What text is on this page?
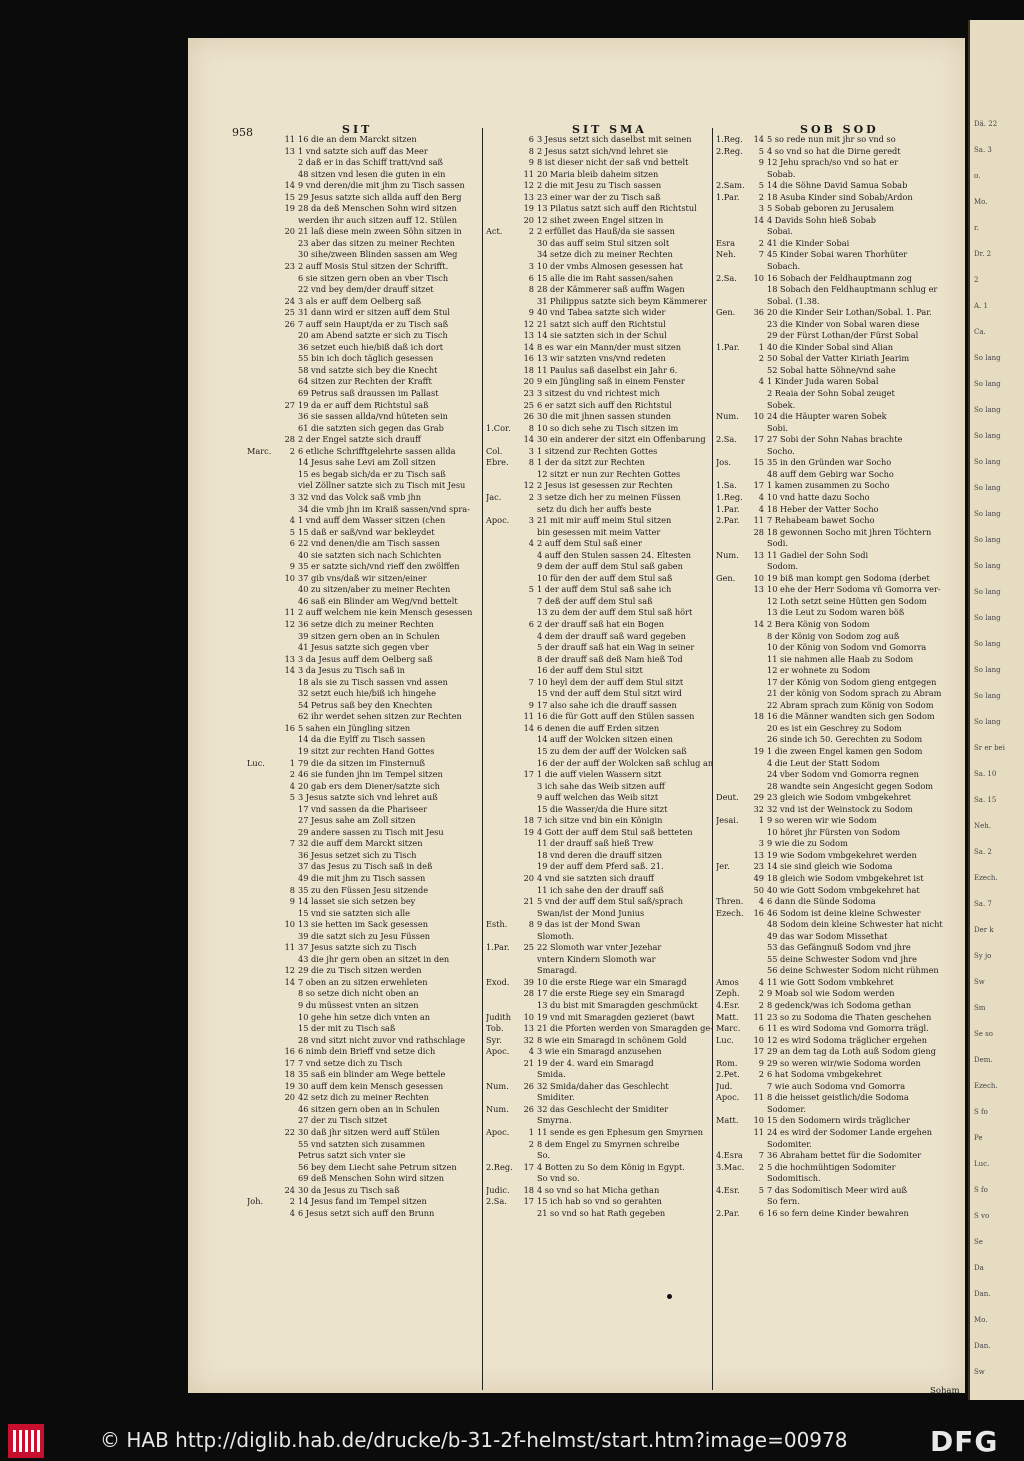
Dä. 22
Sa. 3
o.
Mo.
r.
Dr. 2
2
A. 1
Ca.
So lang
So lang
So lang
So lang
So lang
So lang
So lang
So lang
So lang
So lang
So lang
So lang
So lang
So lang
So lang
Sr er bei
Sa. 10
Sa. 15
Neh.
Sa. 2
Ezech.
Sa. 7
Der k
Sy jo
Sw
Sm
Se so
Dem.
Ezech.
S fo
Pe
Luc.
S fo
S vo
Se
Da
Dan.
Mo.
Dan.
Sw
958	SIT	SIT SMA	SOB SOD
11 16 die an dem Marckt sitzen
13 1 vnd satzte sich auff das Meer
2 daß er in das Schiff tratt/vnd saß
48 sitzen vnd lesen die guten in ein
14 9 vnd deren/die mit jhm zu Tisch sassen
15 29 Jesus satzte sich allda auff den Berg
19 28 da deß Menschen Sohn wird sitzen
werden ihr auch sitzen auff 12. Stülen
20 21 laß diese mein zween Söhn sitzen in
23 aber das sitzen zu meiner Rechten
30 sihe/zween Blinden sassen am Weg
23 2 auff Mosis Stul sitzen der Schrifft.
6 sie sitzen gern oben an vber Tisch
22 vnd bey dem/der drauff sitzet
24 3 als er auff dem Oelberg saß
25 31 dann wird er sitzen auff dem Stul
26 7 auff sein Haupt/da er zu Tisch saß
20 am Abend satzte er sich zu Tisch
36 setzet euch hie/biß daß ich dort
55 bin ich doch täglich gesessen
58 vnd satzte sich bey die Knecht
64 sitzen zur Rechten der Krafft
69 Petrus saß draussen im Pallast
27 19 da er auff dem Richtstul saß
36 sie sassen allda/vnd hüteten sein
61 die satzten sich gegen das Grab
28 2 der Engel satzte sich drauff
Marc.	2 6 etliche Schrifftgelehrte sassen allda
14 Jesus sahe Levi am Zoll sitzen
15 es begab sich/da er zu Tisch saß
viel Zöllner satzte sich zu Tisch mit Jesu
3 32 vnd das Volck saß vmb jhn
34 die vmb jhn im Kraiß sassen/vnd spra-
4 1 vnd auff dem Wasser sitzen (chen
5 15 daß er saß/vnd war bekleydet
6 22 vnd denen/die am Tisch sassen
40 sie satzten sich nach Schichten
9 35 er satzte sich/vnd rieff den zwölffen
10 37 gib vns/daß wir sitzen/einer
40 zu sitzen/aber zu meiner Rechten
46 saß ein Blinder am Weg/vnd bettelt
11 2 auff welchem nie kein Mensch gesessen
12 36 setze dich zu meiner Rechten
39 sitzen gern oben an in Schulen
41 Jesus satzte sich gegen vber
13 3 da Jesus auff dem Oelberg saß
14 3 da Jesus zu Tisch saß in
18 als sie zu Tisch sassen vnd assen
32 setzt euch hie/biß ich hingehe
54 Petrus saß bey den Knechten
62 ihr werdet sehen sitzen zur Rechten
16 5 sahen ein Jüngling sitzen
14 da die Eylff zu Tisch sassen
19 sitzt zur rechten Hand Gottes
Luc.	1 79 die da sitzen im Finsternuß
2 46 sie funden jhn im Tempel sitzen
4 20 gab ers dem Diener/satzte sich
5 3 Jesus satzte sich vnd lehret auß
17 vnd sassen da die Phariseer
27 Jesus sahe am Zoll sitzen
29 andere sassen zu Tisch mit Jesu
7 32 die auff dem Marckt sitzen
36 Jesus setzet sich zu Tisch
37 das Jesus zu Tisch saß in deß
49 die mit jhm zu Tisch sassen
8 35 zu den Füssen Jesu sitzende
9 14 lasset sie sich setzen bey
15 vnd sie satzten sich alle
10 13 sie hetten im Sack gesessen
39 die satzt sich zu Jesu Füssen
11 37 Jesus satzte sich zu Tisch
43 die jhr gern oben an sitzet in den
12 29 die zu Tisch sitzen werden
14 7 oben an zu sitzen erwehleten
8 so setze dich nicht oben an
9 du müssest vnten an sitzen
10 gehe hin setze dich vnten an
15 der mit zu Tisch saß
28 vnd sitzt nicht zuvor vnd rathschlage
16 6 nimb dein Brieff vnd setze dich
17 7 vnd setze dich zu Tisch
18 35 saß ein blinder am Wege bettele
19 30 auff dem kein Mensch gesessen
20 42 setz dich zu meiner Rechten
46 sitzen gern oben an in Schulen
27 der zu Tisch sitzet
22 30 daß jhr sitzen werd auff Stülen
55 vnd satzten sich zusammen
Petrus satzt sich vnter sie
56 bey dem Liecht sahe Petrum sitzen
69 deß Menschen Sohn wird sitzen
24 30 da Jesus zu Tisch saß
Joh.	2 14 Jesus fand im Tempel sitzen
4 6 Jesus setzt sich auff den Brunn
6 3 Jesus setzt sich daselbst mit seinen
8 2 Jesus satzt sich/vnd lehret sie
9 8 ist dieser nicht der saß vnd bettelt
11 20 Maria bleib daheim sitzen
12 2 die mit Jesu zu Tisch sassen
13 23 einer war der zu Tisch saß
19 13 Pilatus satzt sich auff den Richtstul
20 12 sihet zween Engel sitzen in
Act.	2 2 erfüllet das Hauß/da sie sassen
30 das auff seim Stul sitzen solt
34 setze dich zu meiner Rechten
3 10 der vmbs Almosen gesessen hat
6 15 alle die im Raht sassen/sahen
8 28 der Kämmerer saß auffm Wagen
31 Philippus satzte sich beym Kämmerer
9 40 vnd Tabea satzte sich wider
12 21 satzt sich auff den Richtstul
13 14 sie satzten sich in der Schul
14 8 es war ein Mann/der must sitzen
16 13 wir satzten vns/vnd redeten
18 11 Paulus saß daselbst ein Jahr 6.
20 9 ein Jüngling saß in einem Fenster
23 3 sitzest du vnd richtest mich
25 6 er satzt sich auff den Richtstul
26 30 die mit jhnen sassen stunden
1.Cor.	8 10 so dich sehe zu Tisch sitzen im
14 30 ein anderer der sitzt ein Offenbarung
Col.	3 1 sitzend zur Rechten Gottes
Ebre.	8 1 der da sitzt zur Rechten
12 sitzt er nun zur Rechten Gottes
12 2 Jesus ist gesessen zur Rechten
Jac.	2 3 setze dich her zu meinen Füssen
setz du dich her auffs beste
Apoc.	3 21 mit mir auff meim Stul sitzen
bin gesessen mit meim Vatter
4 2 auff dem Stul saß einer
4 auff den Stulen sassen 24. Eltesten
9 dem der auff dem Stul saß gaben
10 für den der auff dem Stul saß
5 1 der auff dem Stul saß sahe ich
7 deß der auff dem Stul saß
13 zu dem der auff dem Stul saß hört
6 2 der drauff saß hat ein Bogen
4 dem der drauff saß ward gegeben
5 der drauff saß hat ein Wag in seiner
8 der drauff saß deß Nam hieß Tod
16 der auff dem Stul sitzt
7 10 heyl dem der auff dem Stul sitzt
15 vnd der auff dem Stul sitzt wird
9 17 also sahe ich die drauff sassen
11 16 die für Gott auff den Stülen sassen
14 6 denen die auff Erden sitzen
14 auff der Wolcken sitzen einen
15 zu dem der auff der Wolcken saß
16 der der auff der Wolcken saß schlug an
17 1 die auff vielen Wassern sitzt
3 ich sahe das Weib sitzen auff
9 auff welchen das Weib sitzt
15 die Wasser/da die Hure sitzt
18 7 ich sitze vnd bin ein Königin
19 4 Gott der auff dem Stul saß betteten
11 der drauff saß hieß Trew
18 vnd deren die drauff sitzen
19 der auff dem Pferd saß. 21.
20 4 vnd sie satzten sich drauff
11 ich sahe den der drauff saß
21 5 vnd der auff dem Stul saß/sprach
Swan/ist der Mond Junius
Esth.	8 9 das ist der Mond Swan
Slomoth.
1.Par.	25 22 Slomoth war vnter Jezehar
vntern Kindern Slomoth war
Smaragd.
Exod.	39 10 die erste Riege war ein Smaragd
28 17 die erste Riege sey ein Smaragd
13 du bist mit Smaragden geschmückt
Judith	10 19 vnd mit Smaragden gezieret (bawt
Tob.	13 21 die Pforten werden von Smaragden ge-
Syr.	32 8 wie ein Smaragd in schönem Gold
Apoc.	4 3 wie ein Smaragd anzusehen
21 19 der 4. ward ein Smaragd
Smida.
Num.	26 32 Smida/daher das Geschlecht
Smiditer.
Num.	26 32 das Geschlecht der Smiditer
Smyrna.
Apoc.	1 11 sende es gen Ephesum gen Smyrnen
2 8 dem Engel zu Smyrnen schreibe
So.
2.Reg.	17 4 Botten zu So dem König in Egypt.
So vnd so.
Judic.	18 4 so vnd so hat Micha gethan
2.Sa.	17 15 ich hab so vnd so gerahten
21 so vnd so hat Rath gegeben
1.Reg.	14 5 so rede nun mit jhr so vnd so
2.Reg.	5 4 so vnd so hat die Dirne geredt
9 12 Jehu sprach/so vnd so hat er
Sobab.
2.Sam.	5 14 die Söhne David Samua Sobab
1.Par.	2 18 Asuba Kinder sind Sobab/Ardon
3 5 Sobab geboren zu Jerusalem
14 4 Davids Sohn hieß Sobab
Sobai.
Esra	2 41 die Kinder Sobai
Neh.	7 45 Kinder Sobai waren Thorhüter
Sobach.
2.Sa.	10 16 Sobach der Feldhauptmann zog
18 Sobach den Feldhauptmann schlug er
Sobal. (1.38.
Gen.	36 20 die Kinder Seir Lothan/Sobal. 1. Par.
23 die Kinder von Sobal waren diese
29 der Fürst Lothan/der Fürst Sobal
1.Par.	1 40 die Kinder Sobal sind Alian
2 50 Sobal der Vatter Kiriath Jearim
52 Sobal hatte Söhne/vnd sahe
4 1 Kinder Juda waren Sobal
2 Reaia der Sohn Sobal zeuget
Sobek.
Num.	10 24 die Häupter waren Sobek
Sobi.
2.Sa.	17 27 Sobi der Sohn Nahas brachte
Socho.
Jos.	15 35 in den Gründen war Socho
48 auff dem Gebirg war Socho
1.Sa.	17 1 kamen zusammen zu Socho
1.Reg.	4 10 vnd hatte dazu Socho
1.Par.	4 18 Heber der Vatter Socho
2.Par.	11 7 Rehabeam bawet Socho
28 18 gewonnen Socho mit jhren Töchtern
Sodi.
Num.	13 11 Gadiel der Sohn Sodi
Sodom.
Gen.	10 19 biß man kompt gen Sodoma (derbet
13 10 ehe der Herr Sodoma vñ Gomorra ver-
12 Loth setzt seine Hütten gen Sodom
13 die Leut zu Sodom waren böß
14 2 Bera König von Sodom
8 der König von Sodom zog auß
10 der König von Sodom vnd Gomorra
11 sie nahmen alle Haab zu Sodom
12 er wohnete zu Sodom
17 der König von Sodom gieng entgegen
21 der könig von Sodom sprach zu Abram
22 Abram sprach zum König von Sodom
18 16 die Männer wandten sich gen Sodom
20 es ist ein Geschrey zu Sodom
26 sinde ich 50. Gerechten zu Sodom
19 1 die zween Engel kamen gen Sodom
4 die Leut der Statt Sodom
24 vber Sodom vnd Gomorra regnen
28 wandte sein Angesicht gegen Sodom
Deut.	29 23 gleich wie Sodom vmbgekehret
32 32 vnd ist der Weinstock zu Sodom
Jesai.	1 9 so weren wir wie Sodom
10 höret jhr Fürsten von Sodom
3 9 wie die zu Sodom
13 19 wie Sodom vmbgekehret werden
Jer.	23 14 sie sind gleich wie Sodoma
49 18 gleich wie Sodom vmbgekehret ist
50 40 wie Gott Sodom vmbgekehret hat
Thren.	4 6 dann die Sünde Sodoma
Ezech.	16 46 Sodom ist deine kleine Schwester
48 Sodom dein kleine Schwester hat nicht
49 das war Sodom Missethat
53 das Gefängnuß Sodom vnd jhre
55 deine Schwester Sodom vnd jhre
56 deine Schwester Sodom nicht rühmen
Amos	4 11 wie Gott Sodom vmbkehret
Zeph.	2 9 Moab sol wie Sodom werden
4.Esr.	2 8 gedenck/was ich Sodoma gethan
Matt.	11 23 so zu Sodoma die Thaten geschehen
Marc.	6 11 es wird Sodoma vnd Gomorra trägl.
Luc.	10 12 es wird Sodoma träglicher ergehen
17 29 an dem tag da Loth auß Sodom gieng
Rom.	9 29 so weren wir/wie Sodoma worden
2.Pet.	2 6 hat Sodoma vmbgekehret
Jud.	7 wie auch Sodoma vnd Gomorra
Apoc.	11 8 die heisset geistlich/die Sodoma
Sodomer.
Matt.	10 15 den Sodomern wirds träglicher
11 24 es wird der Sodomer Lande ergehen
Sodomiter.
4.Esra	7 36 Abraham bettet für die Sodomiter
3.Mac.	2 5 die hochmühtigen Sodomiter
Sodomitisch.
4.Esr.	5 7 das Sodomitisch Meer wird auß
So fern.
2.Par.	6 16 so fern deine Kinder bewahren
Soham
© HAB http://diglib.hab.de/drucke/b-31-2f-helmst/start.htm?image=00978	DFG
